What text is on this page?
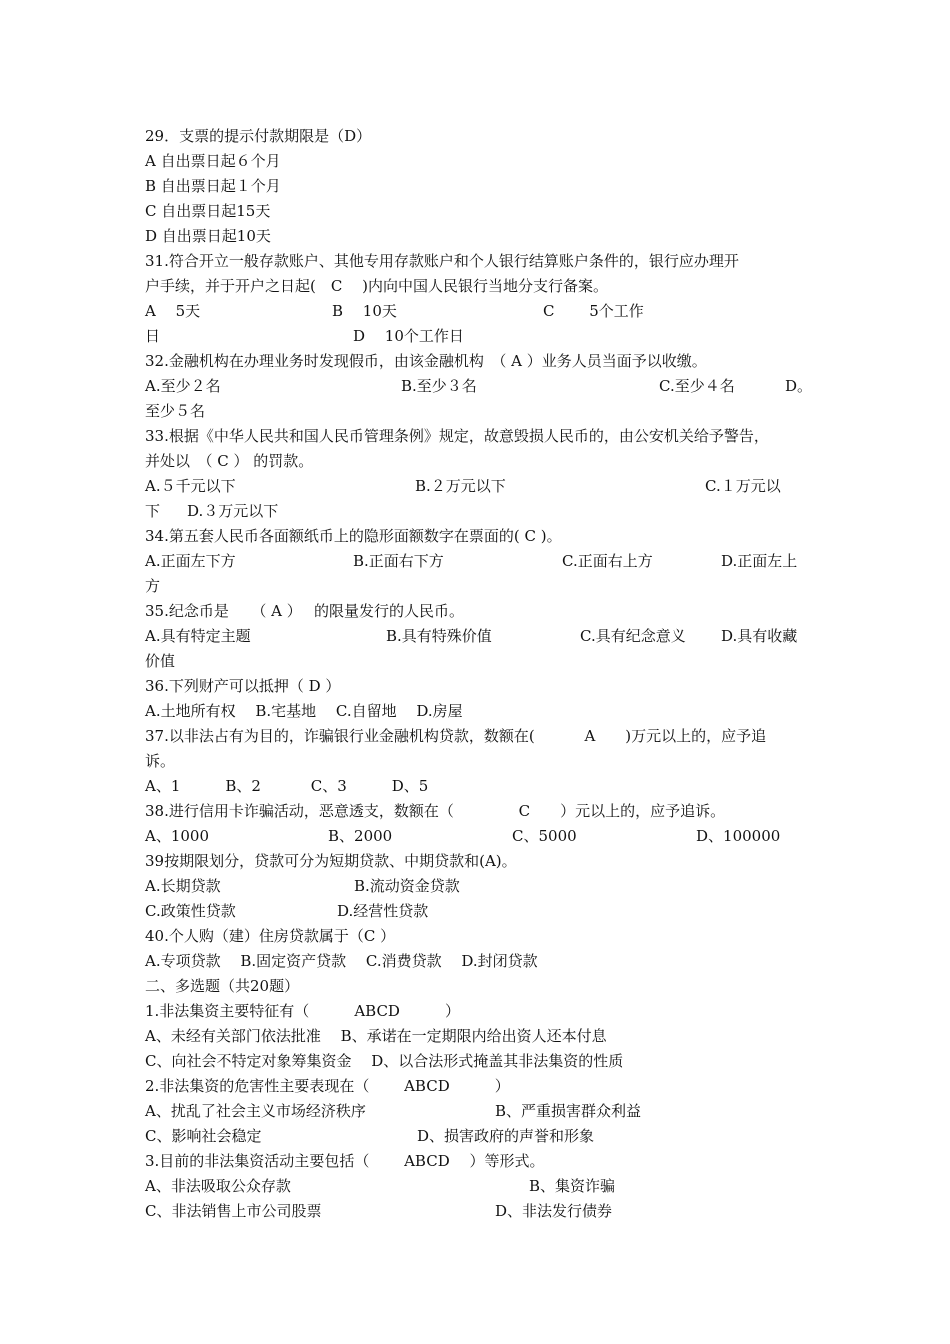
29．支票的提示付款期限是（D）
A 自出票日起６个月
B 自出票日起１个月
C 自出票日起15天
D 自出票日起10天
31.符合开立一般存款账户、其他专用存款账户和个人银行结算账户条件的，银行应办理开
户手续，并于开户之日起(　C　 )内向中国人民银行当地分支行备案。

A　 5天

	B　 10天

	C　　 5个工作

日

	D　 10个工作日

32.金融机构在办理业务时发现假币，由该金融机构　（ A ）业务人员当面予以收缴。

A.至少２名

	B.至少３名

	C.至少４名

	D。

至少５名
33.根据《中华人民共和国人民币管理条例》规定，故意毁损人民币的，由公安机关给予警告，
并处以　（ C ） 的罚款。

A.５千元以下

	B.２万元以下

	C.１万元以

下

D.３万元以下

34.第五套人民币各面额纸币上的隐形面额数字在票面的( C )。

A.正面左下方

	B.正面右下方

	C.正面右上方

	D.正面左上

方
35.纪念币是　　（ A ）　 的限量发行的人民币。

A.具有特定主题

	B.具有特殊价值

	C.具有纪念意义

D.具有收藏

价值
36.下列财产可以抵押（ D ）
A.土地所有权　 B.宅基地　 C.自留地　 D.房屋
37.以非法占有为目的，诈骗银行业金融机构贷款，数额在(　　　 A　　)万元以上的，应予追
诉。
A、1　　　B、2　　　 C、3　　　D、5
38.进行信用卡诈骗活动，恶意透支，数额在（　　　　 C　　）元以上的，应予追诉。

A、1000

	B、2000

	C、5000

	D、100000

39按期限划分，贷款可分为短期贷款、中期贷款和(A)。

A.长期贷款

	B.流动资金贷款

C.政策性贷款

	D.经营性贷款

40.个人购（建）住房贷款属于（C ）
A.专项贷款　 B.固定资产贷款　 C.消费贷款　 D.封闭贷款
二、多选题（共20题）
1.非法集资主要特征有（　　　ABCD　　　）
A、未经有关部门依法批准　 B、承诺在一定期限内给出资人还本付息
C、向社会不特定对象筹集资金　 D、以合法形式掩盖其非法集资的性质
2.非法集资的危害性主要表现在（　　 ABCD　　　）

A、扰乱了社会主义市场经济秩序

	B、严重损害群众利益

C、影响社会稳定

	D、损害政府的声誉和形象

3.目前的非法集资活动主要包括（　　 ABCD　 ）等形式。

A、非法吸取公众存款

	B、集资诈骗

C、非法销售上市公司股票

	D、非法发行债券
